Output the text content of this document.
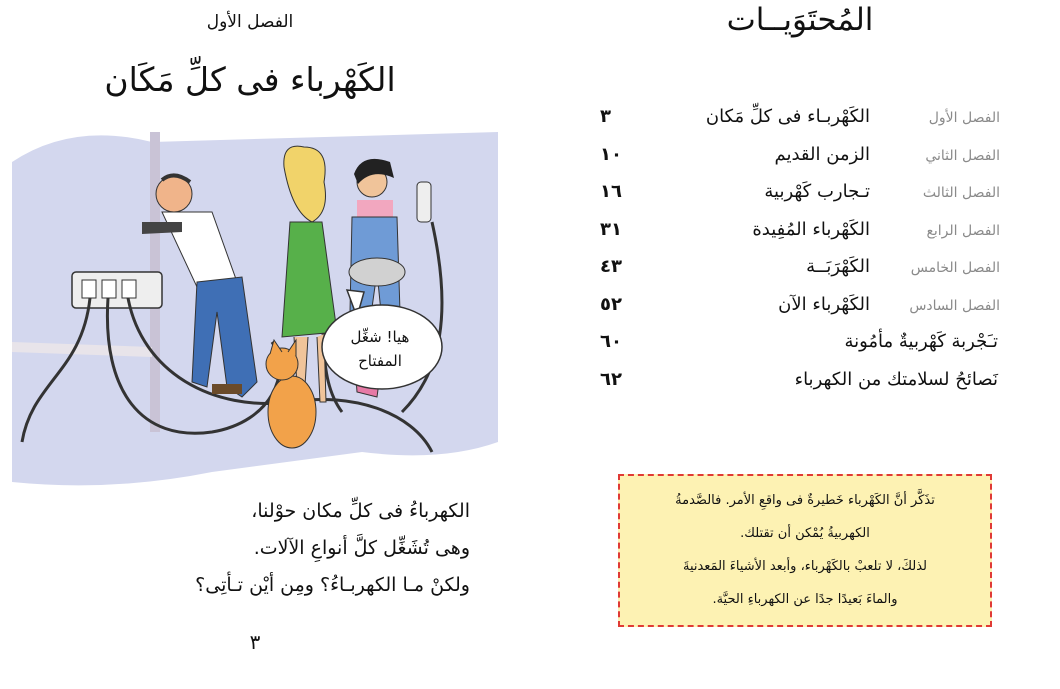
الفصل الأول
الكَهْرباء فى كلِّ مَكَان
هيا! شغِّل
المفتاح
الكهرباءُ فى كلِّ مكان حوْلنا،
وهى تُشَغِّل كلَّ أنواعِ الآلات.
ولكنْ مـا الكهربـاءُ؟ ومِن أيْن تـأتِى؟
٣
المُحتَوَيــات
الفصل الأول
الكَهْربـاء فى كلِّ مَكان
٣
الفصل الثاني
الزمن القديم
١٠
الفصل الثالث
تـجارب كَهْربية
١٦
الفصل الرابع
الكَهْرباء المُفِيدة
٣١
الفصل الخامس
الكَهْرَبَــة
٤٣
الفصل السادس
الكَهْرباء الآن
٥٢
تـَجْربة كَهْربيةٌ مأمُونة
٦٠
نَصائحُ لسلامتك من الكهرباء
٦٢
تذَكَّر أنَّ الكَهْرباء خَطيرةٌ فى واقعِ الأمر. فالصَّدمةُ
الكهربيةُ يُمْكن أن تقتلك.
لذلكَ، لا تلعبْ بالكَهْرباء، وأبعد الأشياءَ المَعدنيةَ
والماءَ بَعيدًا جدًا عن الكهرباءِ الحيَّة.
